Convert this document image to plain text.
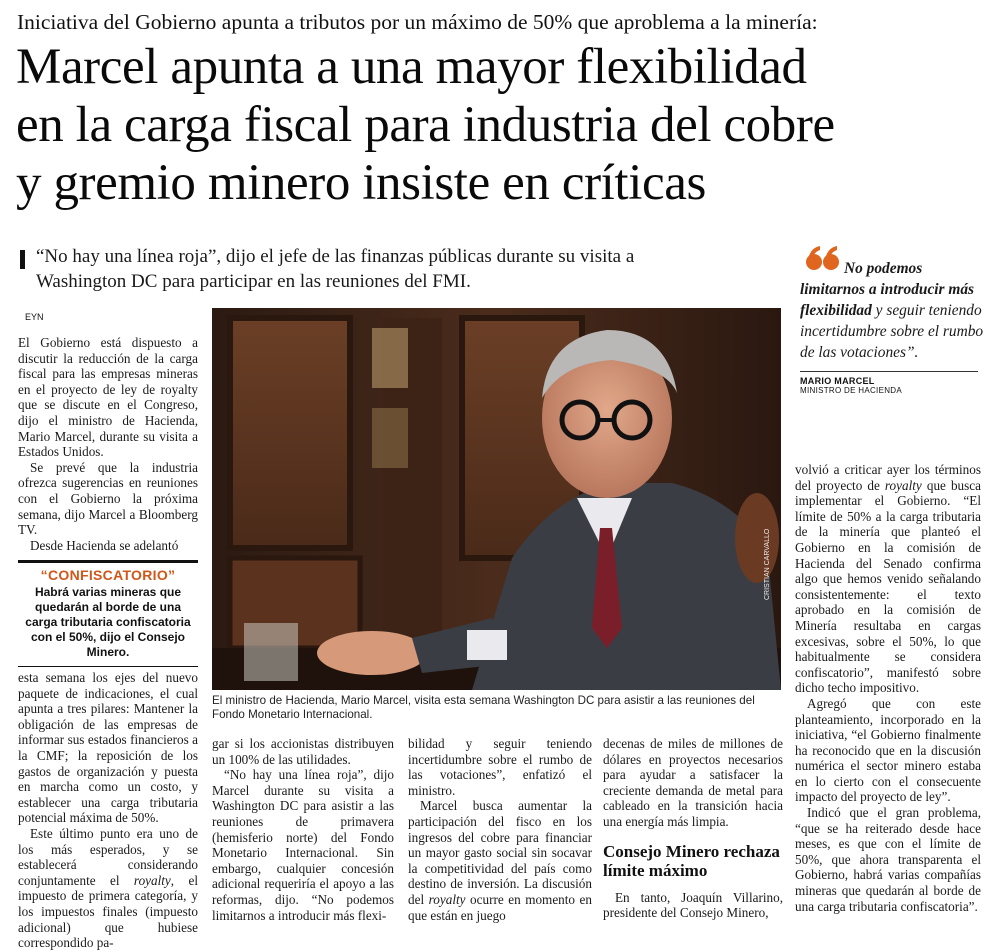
Iniciativa del Gobierno apunta a tributos por un máximo de 50% que aproblema a la minería:
Marcel apunta a una mayor flexibilidad
en la carga fiscal para industria del cobre
y gremio minero insiste en críticas
“No hay una línea roja”, dijo el jefe de las finanzas públicas durante su visita a
Washington DC para participar en las reuniones del FMI.
EYN
No podemos limitarnos a introducir más flexibilidad y seguir teniendo incertidumbre sobre el rumbo de las votaciones”.
MARIO MARCEL
MINISTRO DE HACIENDA

El Gobierno está dispuesto a discutir la reducción de la carga fiscal para las empresas mineras en el proyecto de ley de royalty que se discute en el Congreso, dijo el ministro de Hacienda, Mario Marcel, durante su visita a Estados Unidos.

Se prevé que la industria ofrezca sugerencias en reuniones con el Gobierno la próxima semana, dijo Marcel a Bloomberg TV.

Desde Hacienda se adelantó

“CONFISCATORIO”
Habrá varias mineras que quedarán al borde de una carga tributaria confiscatoria con el 50%, dijo el Consejo Minero.

esta semana los ejes del nuevo paquete de indicaciones, el cual apunta a tres pilares: Mantener la obligación de las empresas de informar sus estados financieros a la CMF; la reposición de los gastos de organización y puesta en marcha como un costo, y establecer una carga tributaria potencial máxima de 50%.

Este último punto era uno de los más esperados, y se establecerá considerando conjuntamente el royalty, el impuesto de primera categoría, y los impuestos finales (impuesto adicional) que hubiese correspondido pa-

CRISTIAN CARVALLO
El ministro de Hacienda, Mario Marcel, visita esta semana Washington DC para asistir a las reuniones del Fondo Monetario Internacional.

gar si los accionistas distribuyen un 100% de las utilidades.

“No hay una línea roja”, dijo Marcel durante su visita a Washington DC para asistir a las reuniones de primavera (hemisferio norte) del Fondo Monetario Internacional. Sin embargo, cualquier concesión adicional requeriría el apoyo a las reformas, dijo. “No podemos limitarnos a introducir más flexi-

bilidad y seguir teniendo incertidumbre sobre el rumbo de las votaciones”, enfatizó el ministro.

Marcel busca aumentar la participación del fisco en los ingresos del cobre para financiar un mayor gasto social sin socavar la competitividad del país como destino de inversión. La discusión del royalty ocurre en momento en que están en juego

decenas de miles de millones de dólares en proyectos necesarios para ayudar a satisfacer la creciente demanda de metal para cableado en la transición hacia una energía más limpia.

Consejo Minero rechaza límite máximo

En tanto, Joaquín Villarino, presidente del Consejo Minero,

volvió a criticar ayer los términos del proyecto de royalty que busca implementar el Gobierno. “El límite de 50% a la carga tributaria de la minería que planteó el Gobierno en la comisión de Hacienda del Senado confirma algo que hemos venido señalando consistentemente: el texto aprobado en la comisión de Minería resultaba en cargas excesivas, sobre el 50%, lo que habitualmente se considera confiscatorio”, manifestó sobre dicho techo impositivo.

Agregó que con este planteamiento, incorporado en la iniciativa, “el Gobierno finalmente ha reconocido que en la discusión numérica el sector minero estaba en lo cierto con el consecuente impacto del proyecto de ley”.

Indicó que el gran problema, “que se ha reiterado desde hace meses, es que con el límite de 50%, que ahora transparenta el Gobierno, habrá varias compañías mineras que quedarán al borde de una carga tributaria confiscatoria”.
